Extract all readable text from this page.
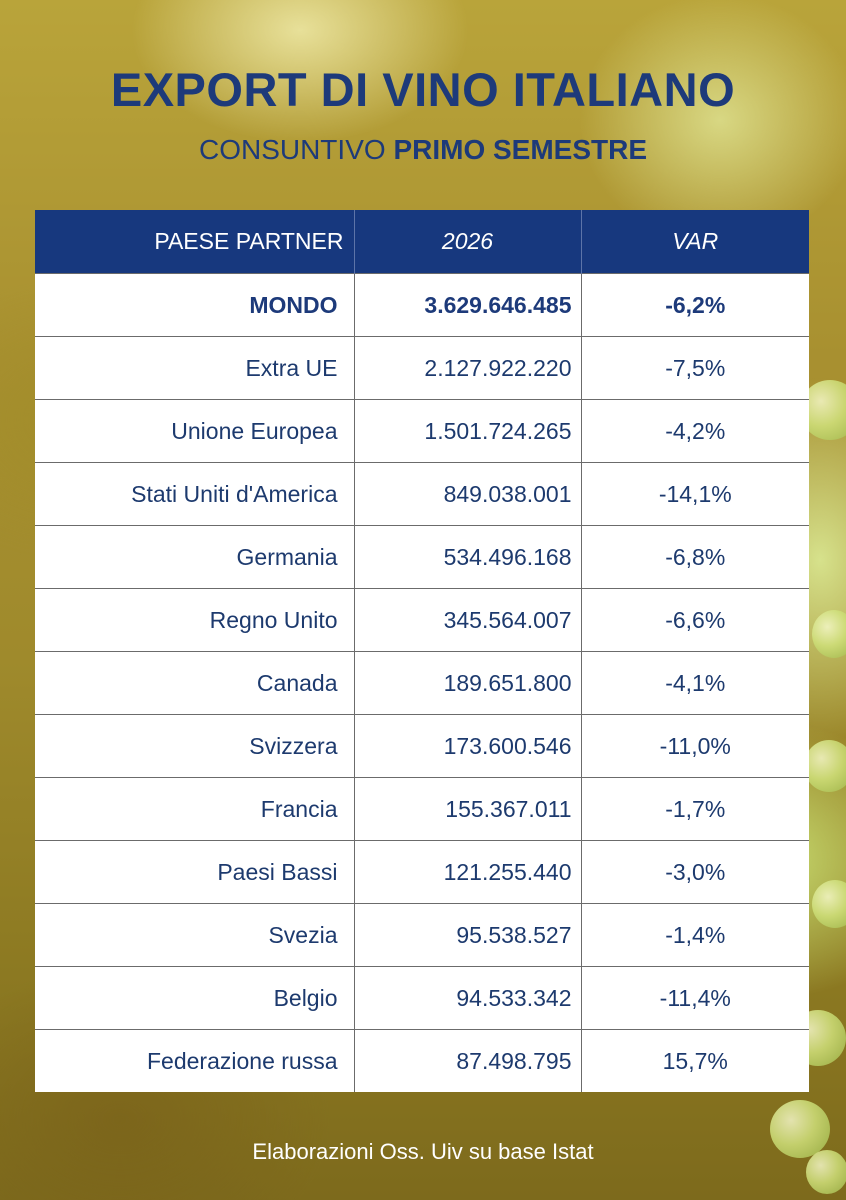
EXPORT DI VINO ITALIANO

CONSUNTIVO PRIMO SEMESTRE

PAESE PARTNER	2026	VAR
MONDO	3.629.646.485	-6,2%
Extra UE	2.127.922.220	-7,5%
Unione Europea	1.501.724.265	-4,2%
Stati Uniti d'America	849.038.001	-14,1%
Germania	534.496.168	-6,8%
Regno Unito	345.564.007	-6,6%
Canada	189.651.800	-4,1%
Svizzera	173.600.546	-11,0%
Francia	155.367.011	-1,7%
Paesi Bassi	121.255.440	-3,0%
Svezia	95.538.527	-1,4%
Belgio	94.533.342	-11,4%
Federazione russa	87.498.795	15,7%

Elaborazioni Oss. Uiv su base Istat
